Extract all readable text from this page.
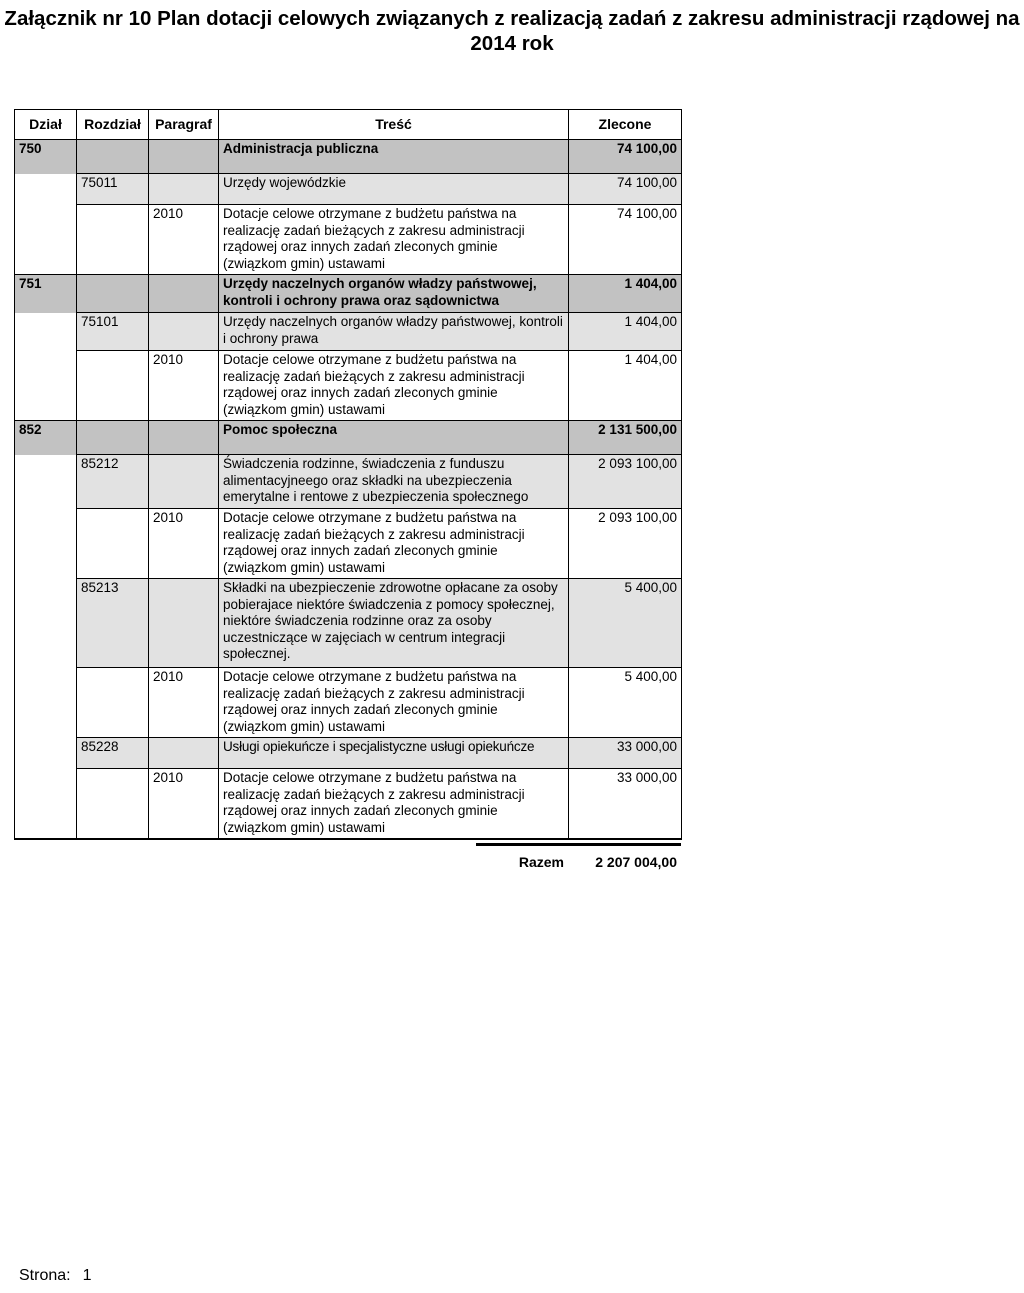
Załącznik nr 10 Plan dotacji celowych związanych z realizacją zadań z zakresu administracji rządowej na 2014 rok
Dział	Rozdział	Paragraf	Treść	Zlecone
750			Administracja publiczna	74 100,00
	75011		Urzędy wojewódzkie	74 100,00
		2010	Dotacje celowe otrzymane z budżetu państwa na realizację zadań bieżących z zakresu administracji rządowej oraz innych zadań zleconych gminie (związkom gmin) ustawami	74 100,00
751			Urzędy naczelnych organów władzy państwowej, kontroli i ochrony prawa oraz sądownictwa	1 404,00
	75101		Urzędy naczelnych organów władzy państwowej, kontroli i ochrony prawa	1 404,00
		2010	Dotacje celowe otrzymane z budżetu państwa na realizację zadań bieżących z zakresu administracji rządowej oraz innych zadań zleconych gminie (związkom gmin) ustawami	1 404,00
852			Pomoc społeczna	2 131 500,00
	85212		Świadczenia rodzinne, świadczenia z funduszu alimentacyjneego oraz składki na ubezpieczenia emerytalne i rentowe z ubezpieczenia społecznego	2 093 100,00
		2010	Dotacje celowe otrzymane z budżetu państwa na realizację zadań bieżących z zakresu administracji rządowej oraz innych zadań zleconych gminie (związkom gmin) ustawami	2 093 100,00
	85213		Składki na ubezpieczenie zdrowotne opłacane za osoby pobierajace niektóre świadczenia z pomocy społecznej, niektóre świadczenia rodzinne oraz za osoby uczestniczące w zajęciach w centrum integracji społecznej.	5 400,00
		2010	Dotacje celowe otrzymane z budżetu państwa na realizację zadań bieżących z zakresu administracji rządowej oraz innych zadań zleconych gminie (związkom gmin) ustawami	5 400,00
	85228		Usługi opiekuńcze i specjalistyczne usługi opiekuńcze	33 000,00
		2010	Dotacje celowe otrzymane z budżetu państwa na realizację zadań bieżących z zakresu administracji rządowej oraz innych zadań zleconych gminie (związkom gmin) ustawami	33 000,00
Razem	2 207 004,00
Strona: 1
